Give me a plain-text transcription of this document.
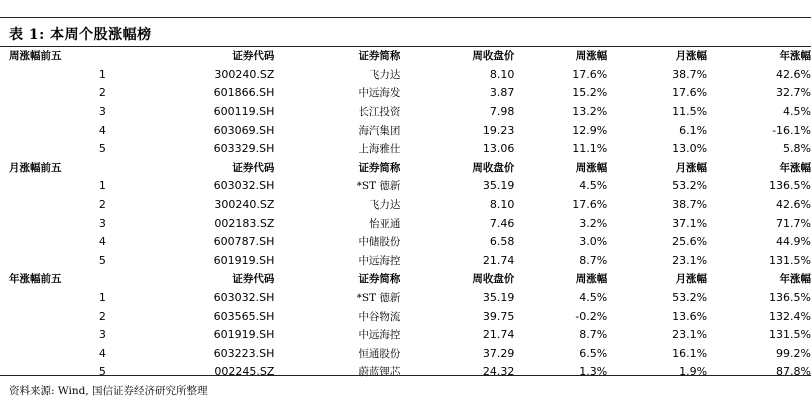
表 1: 本周个股涨幅榜
周涨幅前五	证券代码	证券简称	周收盘价	周涨幅	月涨幅	年涨幅
1	300240.SZ	飞力达	8.10	17.6%	38.7%	42.6%
2	601866.SH	中远海发	3.87	15.2%	17.6%	32.7%
3	600119.SH	长江投资	7.98	13.2%	11.5%	4.5%
4	603069.SH	海汽集团	19.23	12.9%	6.1%	-16.1%
5	603329.SH	上海雅仕	13.06	11.1%	13.0%	5.8%
月涨幅前五	证券代码	证券简称	周收盘价	周涨幅	月涨幅	年涨幅
1	603032.SH	*ST 德新	35.19	4.5%	53.2%	136.5%
2	300240.SZ	飞力达	8.10	17.6%	38.7%	42.6%
3	002183.SZ	怡亚通	7.46	3.2%	37.1%	71.7%
4	600787.SH	中储股份	6.58	3.0%	25.6%	44.9%
5	601919.SH	中远海控	21.74	8.7%	23.1%	131.5%
年涨幅前五	证券代码	证券简称	周收盘价	周涨幅	月涨幅	年涨幅
1	603032.SH	*ST 德新	35.19	4.5%	53.2%	136.5%
2	603565.SH	中谷物流	39.75	-0.2%	13.6%	132.4%
3	601919.SH	中远海控	21.74	8.7%	23.1%	131.5%
4	603223.SH	恒通股份	37.29	6.5%	16.1%	99.2%
5	002245.SZ	蔚蓝锂芯	24.32	1.3%	1.9%	87.8%
资料来源: Wind, 国信证券经济研究所整理
